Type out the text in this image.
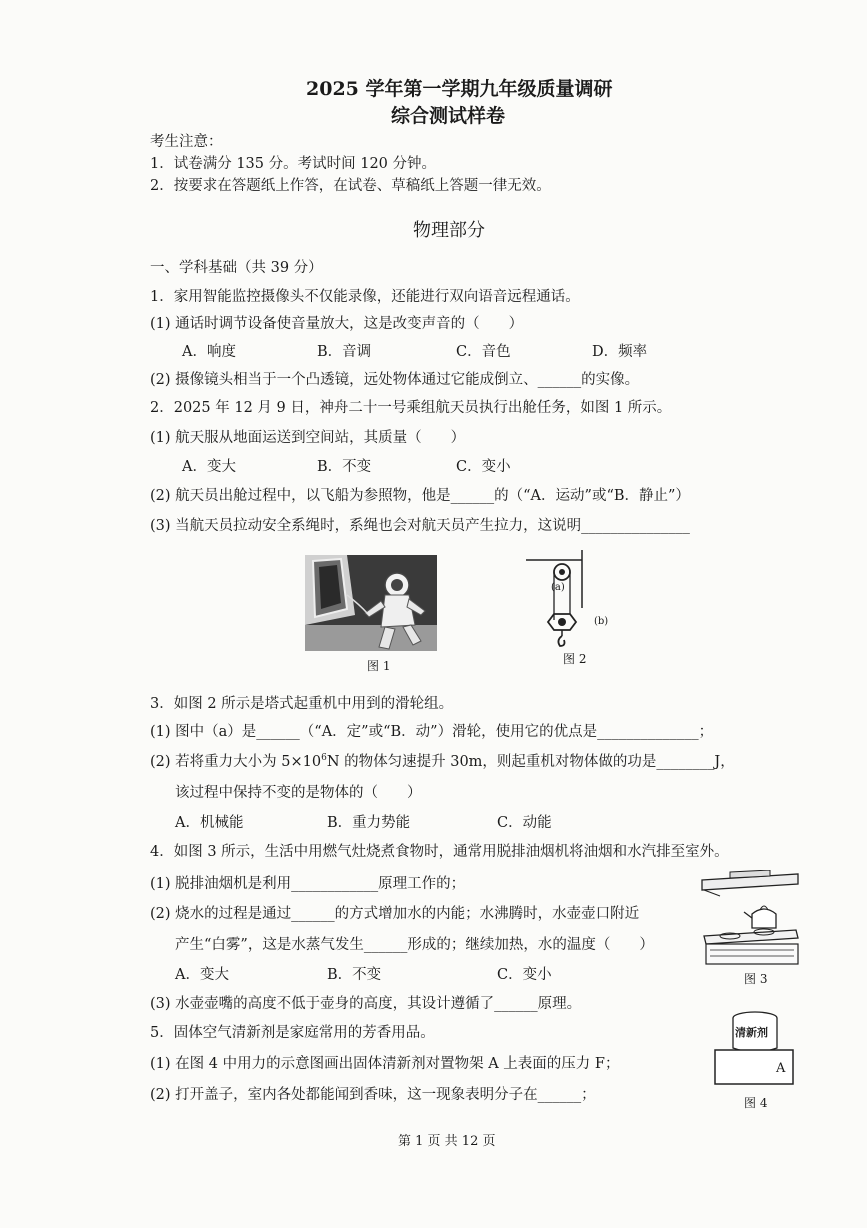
2025 学年第一学期九年级质量调研
综合测试样卷
考生注意：
1．试卷满分 135 分。考试时间 120 分钟。
2．按要求在答题纸上作答，在试卷、草稿纸上答题一律无效。
物理部分
一、学科基础（共 39 分）
1．家用智能监控摄像头不仅能录像，还能进行双向语音远程通话。
(1) 通话时调节设备使音量放大，这是改变声音的（　　）
A．响度	B．音调	C．音色	D．频率
(2) 摄像镜头相当于一个凸透镜，远处物体通过它能成倒立、______的实像。
2．2025 年 12 月 9 日，神舟二十一号乘组航天员执行出舱任务，如图 1 所示。
(1) 航天服从地面运送到空间站，其质量（　　）
A．变大	B．不变	C．变小
(2) 航天员出舱过程中，以飞船为参照物，他是______的（“A．运动”或“B．静止”）
(3) 当航天员拉动安全系绳时，系绳也会对航天员产生拉力，这说明_______________
图 1
(a)
(b)
图 2
3．如图 2 所示是塔式起重机中用到的滑轮组。
(1) 图中（a）是______（“A．定”或“B．动”）滑轮，使用它的优点是______________；
(2) 若将重力大小为 $5\times 10^6N$ 的物体匀速提升 30m，则起重机对物体做的功是________J，
该过程中保持不变的是物体的（　　）
A．机械能	B．重力势能	C．动能
4．如图 3 所示，生活中用燃气灶烧煮食物时，通常用脱排油烟机将油烟和水汽排至室外。
(1) 脱排油烟机是利用____________原理工作的；
(2) 烧水的过程是通过______的方式增加水的内能；水沸腾时，水壶壶口附近
产生“白雾”，这是水蒸气发生______形成的；继续加热，水的温度（　　）
A．变大	B．不变	C．变小
(3) 水壶壶嘴的高度不低于壶身的高度，其设计遵循了______原理。
图 3
5．固体空气清新剂是家庭常用的芳香用品。
(1) 在图 4 中用力的示意图画出固体清新剂对置物架 A 上表面的压力 F；
(2) 打开盖子，室内各处都能闻到香味，这一现象表明分子在______；
清新剂
A
图 4
第 1 页 共 12 页
